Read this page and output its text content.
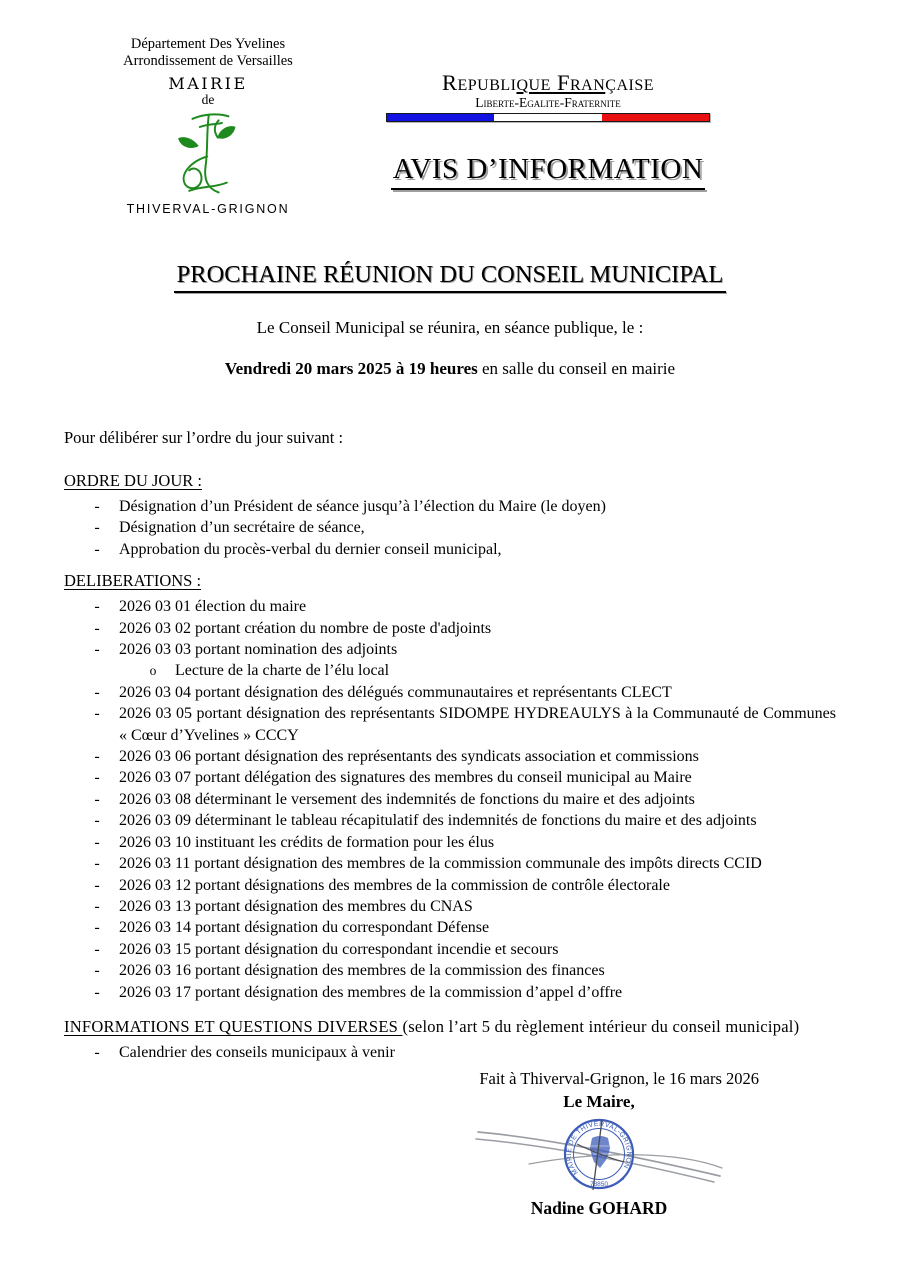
Département Des Yvelines
Arrondissement de Versailles
MAIRIE
de
THIVERVAL-GRIGNON
Republique Française
Liberte-Egalite-Fraternite
AVIS D’INFORMATION
PROCHAINE RÉUNION DU CONSEIL MUNICIPAL
Le Conseil Municipal se réunira, en séance publique, le :
Vendredi 20 mars 2025 à 19 heures en salle du conseil en mairie
Pour délibérer sur l’ordre du jour suivant :
ORDRE DU JOUR :
- Désignation d’un Président de séance jusqu’à l’élection du Maire (le doyen)
- Désignation d’un secrétaire de séance,
- Approbation du procès-verbal du dernier conseil municipal,
DELIBERATIONS :
- 2026 03 01 élection du maire
- 2026 03 02 portant création du nombre de poste d'adjoints
- 2026 03 03 portant nomination des adjoints
o Lecture de la charte de l’élu local
- 2026 03 04 portant désignation des délégués communautaires et représentants CLECT
- 2026 03 05 portant désignation des représentants SIDOMPE HYDREAULYS à la Communauté de Communes « Cœur d’Yvelines » CCCY
- 2026 03 06 portant désignation des représentants des syndicats association et commissions
- 2026 03 07 portant délégation des signatures des membres du conseil municipal au Maire
- 2026 03 08 déterminant le versement des indemnités de fonctions du maire et des adjoints
- 2026 03 09 déterminant le tableau récapitulatif des indemnités de fonctions du maire et des adjoints
- 2026 03 10 instituant les crédits de formation pour les élus
- 2026 03 11 portant désignation des membres de la commission communale des impôts directs CCID
- 2026 03 12 portant désignations des membres de la commission de contrôle électorale
- 2026 03 13 portant désignation des membres du CNAS
- 2026 03 14 portant désignation du correspondant Défense
- 2026 03 15 portant désignation du correspondant incendie et secours
- 2026 03 16 portant désignation des membres de la commission des finances
- 2026 03 17 portant désignation des membres de la commission d’appel d’offre
INFORMATIONS ET QUESTIONS DIVERSES (selon l’art 5 du règlement intérieur du conseil municipal)
- Calendrier des conseils municipaux à venir
Fait à Thiverval-Grignon, le 16 mars 2026
Le Maire,
MAIRIE DE THIVERVAL-GRIGNON
78850
*	*
Nadine GOHARD
